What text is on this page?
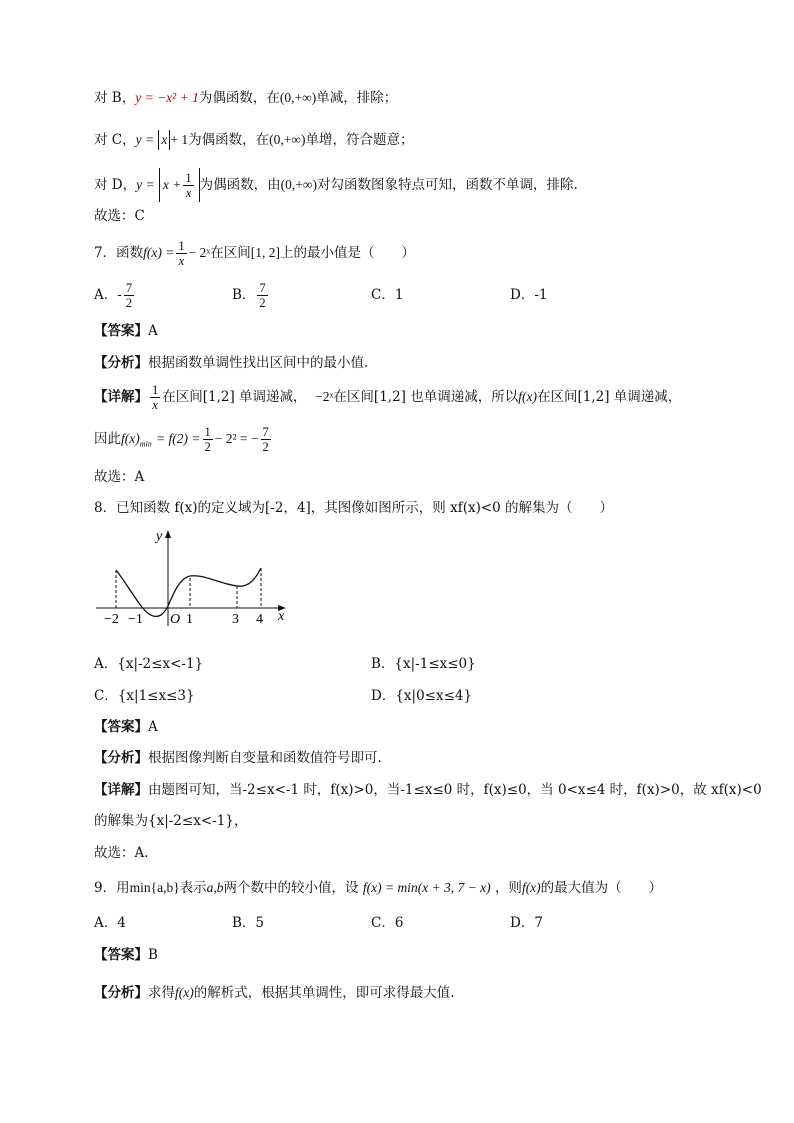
对 B，y = −x² + 1为偶函数，在(0,+∞)单减，排除；
对 C，y = x + 1为偶函数，在(0,+∞)单增，符合题意；
对 D，$y = x + \frac{1}{x}$ 为偶函数，由(0,+∞)对勾函数图象特点可知，函数不单调，排除.
故选：C
7．函数$f(x) = \frac{1}{x}$ − 2ˣ在区间[1, 2]上的最小值是（　　）
A．- $\frac{7}{2}$	B． $\frac{7}{2}$	C．1	D．-1
【答案】A
【分析】根据函数单调性找出区间中的最小值.
【详解】 $\frac{1}{x}$ 在区间[1,2] 单调递减， −2ˣ在区间[1,2] 也单调递减，所以f(x)在区间[1,2] 单调递减，
因此$f(x)_{min} = f(2) = \frac{1}{2} - 2^2$ = − $\frac{7}{2}$
故选：A
8．已知函数 f(x)的定义域为[-2，4]，其图像如图所示，则 xf(x)<0 的解集为（　　）
y
x
O
−2 −1	1	3 4
A．{x|-2≤x<-1}	B．{x|-1≤x≤0}
C．{x|1≤x≤3}	D．{x|0≤x≤4}
【答案】A
【分析】根据图像判断自变量和函数值符号即可.
【详解】由题图可知，当-2≤x<-1 时，f(x)>0，当-1≤x≤0 时，f(x)≤0，当 0<x≤4 时，f(x)>0，故 xf(x)<0
的解集为{x|-2≤x<-1}，
故选：A.
9．用min{a,b}表示a,b两个数中的较小值，设 f(x) = min(x + 3, 7 − x) ，则f(x)的最大值为（　　）
A．4	B．5	C．6	D．7
【答案】B
【分析】求得f(x)的解析式，根据其单调性，即可求得最大值.
